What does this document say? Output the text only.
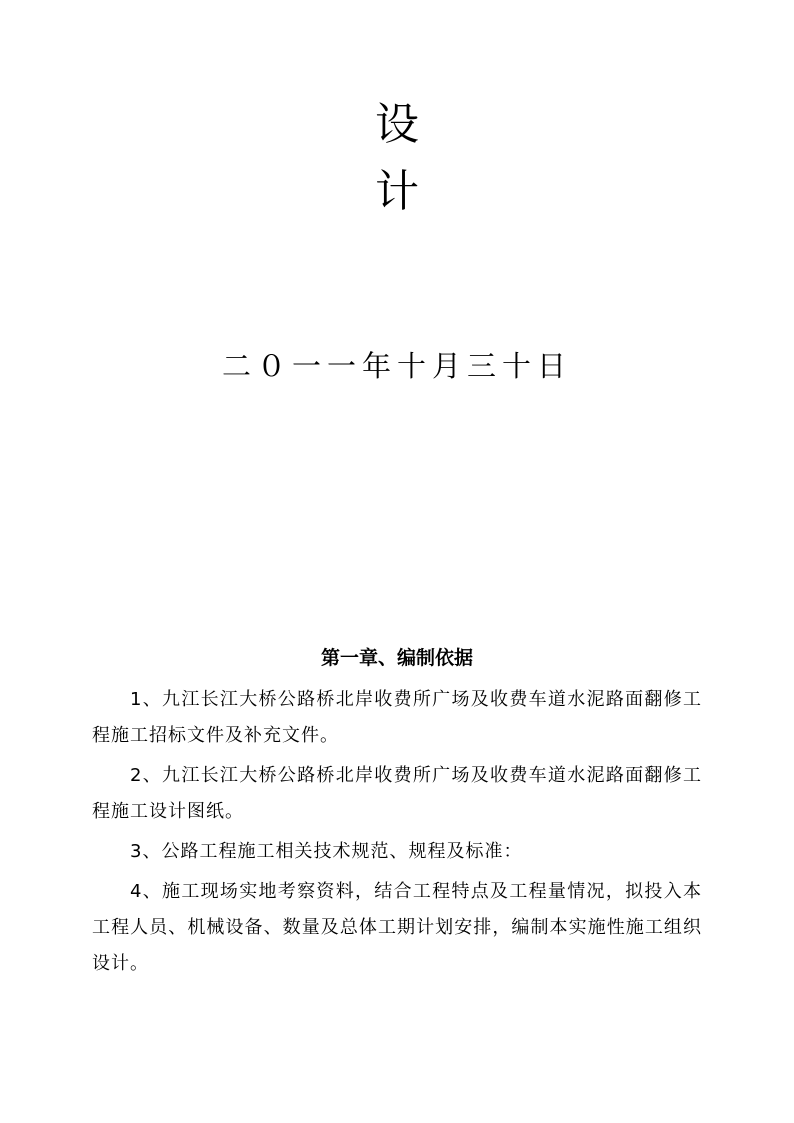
设
计
二０一一年十月三十日
第一章、编制依据

1、九江长江大桥公路桥北岸收费所广场及收费车道水泥路面翻修工程施工招标文件及补充文件。

2、九江长江大桥公路桥北岸收费所广场及收费车道水泥路面翻修工程施工设计图纸。

3、公路工程施工相关技术规范、规程及标准：

4、施工现场实地考察资料，结合工程特点及工程量情况，拟投入本工程人员、机械设备、数量及总体工期计划安排，编制本实施性施工组织设计。
